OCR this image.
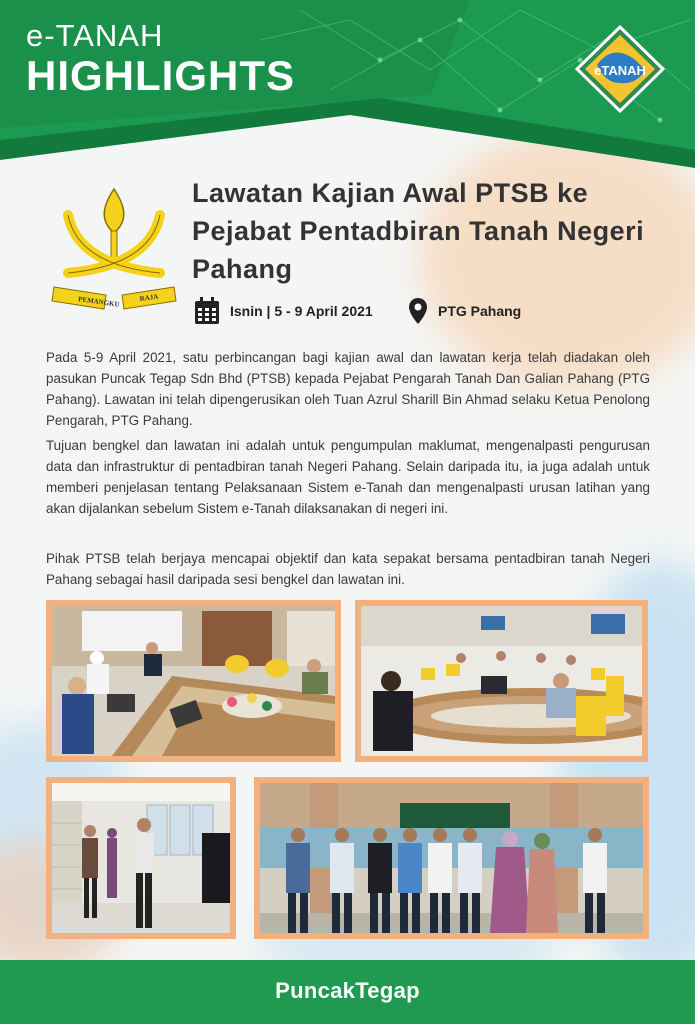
e-TANAH
HIGHLIGHTS	eTANAH
PEMANGKU	RAJA
Lawatan Kajian Awal PTSB ke Pejabat Pentadbiran Tanah Negeri Pahang
Isnin | 5 - 9 April 2021	PTG Pahang

Pada 5-9 April 2021, satu perbincangan bagi kajian awal dan lawatan kerja telah diadakan oleh pasukan Puncak Tegap Sdn Bhd (PTSB) kepada Pejabat Pengarah Tanah Dan Galian Pahang (PTG Pahang). Lawatan ini telah dipengerusikan oleh Tuan Azrul Sharill Bin Ahmad selaku Ketua Penolong Pengarah, PTG Pahang.

Tujuan bengkel dan lawatan ini adalah untuk pengumpulan maklumat, mengenalpasti pengurusan data dan infrastruktur di pentadbiran tanah Negeri Pahang. Selain daripada itu, ia juga adalah untuk memberi penjelasan tentang Pelaksanaan Sistem e-Tanah dan mengenalpasti urusan latihan yang akan dijalankan sebelum Sistem e-Tanah dilaksanakan di negeri ini.

Pihak PTSB telah berjaya mencapai objektif dan kata sepakat bersama pentadbiran tanah Negeri Pahang sebagai hasil daripada sesi bengkel dan lawatan ini.

PuncakTegap
